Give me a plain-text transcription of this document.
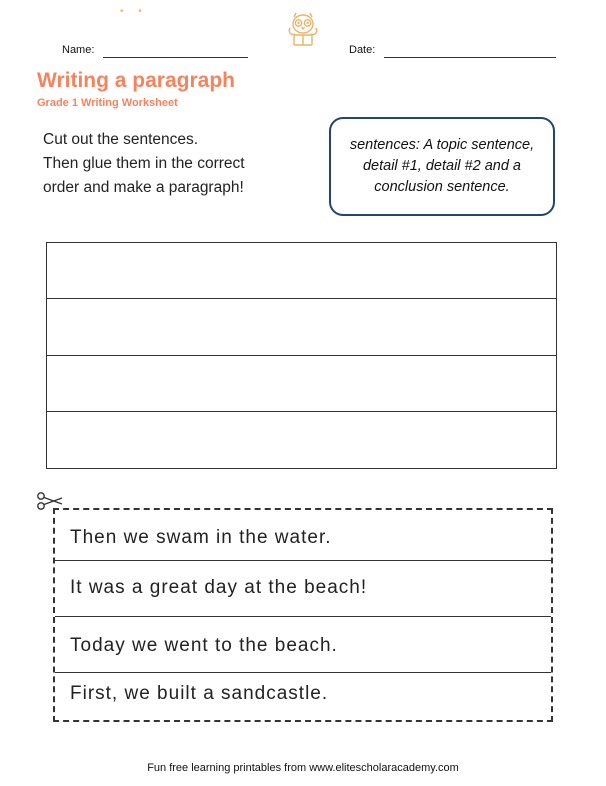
• •
Name:	Date:
Writing a paragraph
Grade 1 Writing Worksheet
Cut out the sentences.
Then glue them in the correct
order and make a paragraph!
sentences: A topic sentence, detail #1, detail #2 and a conclusion sentence.
Then we swam in the water.
It was a great day at the beach!
Today we went to the beach.
First, we built a sandcastle.
Fun free learning printables from www.elitescholaracademy.com
